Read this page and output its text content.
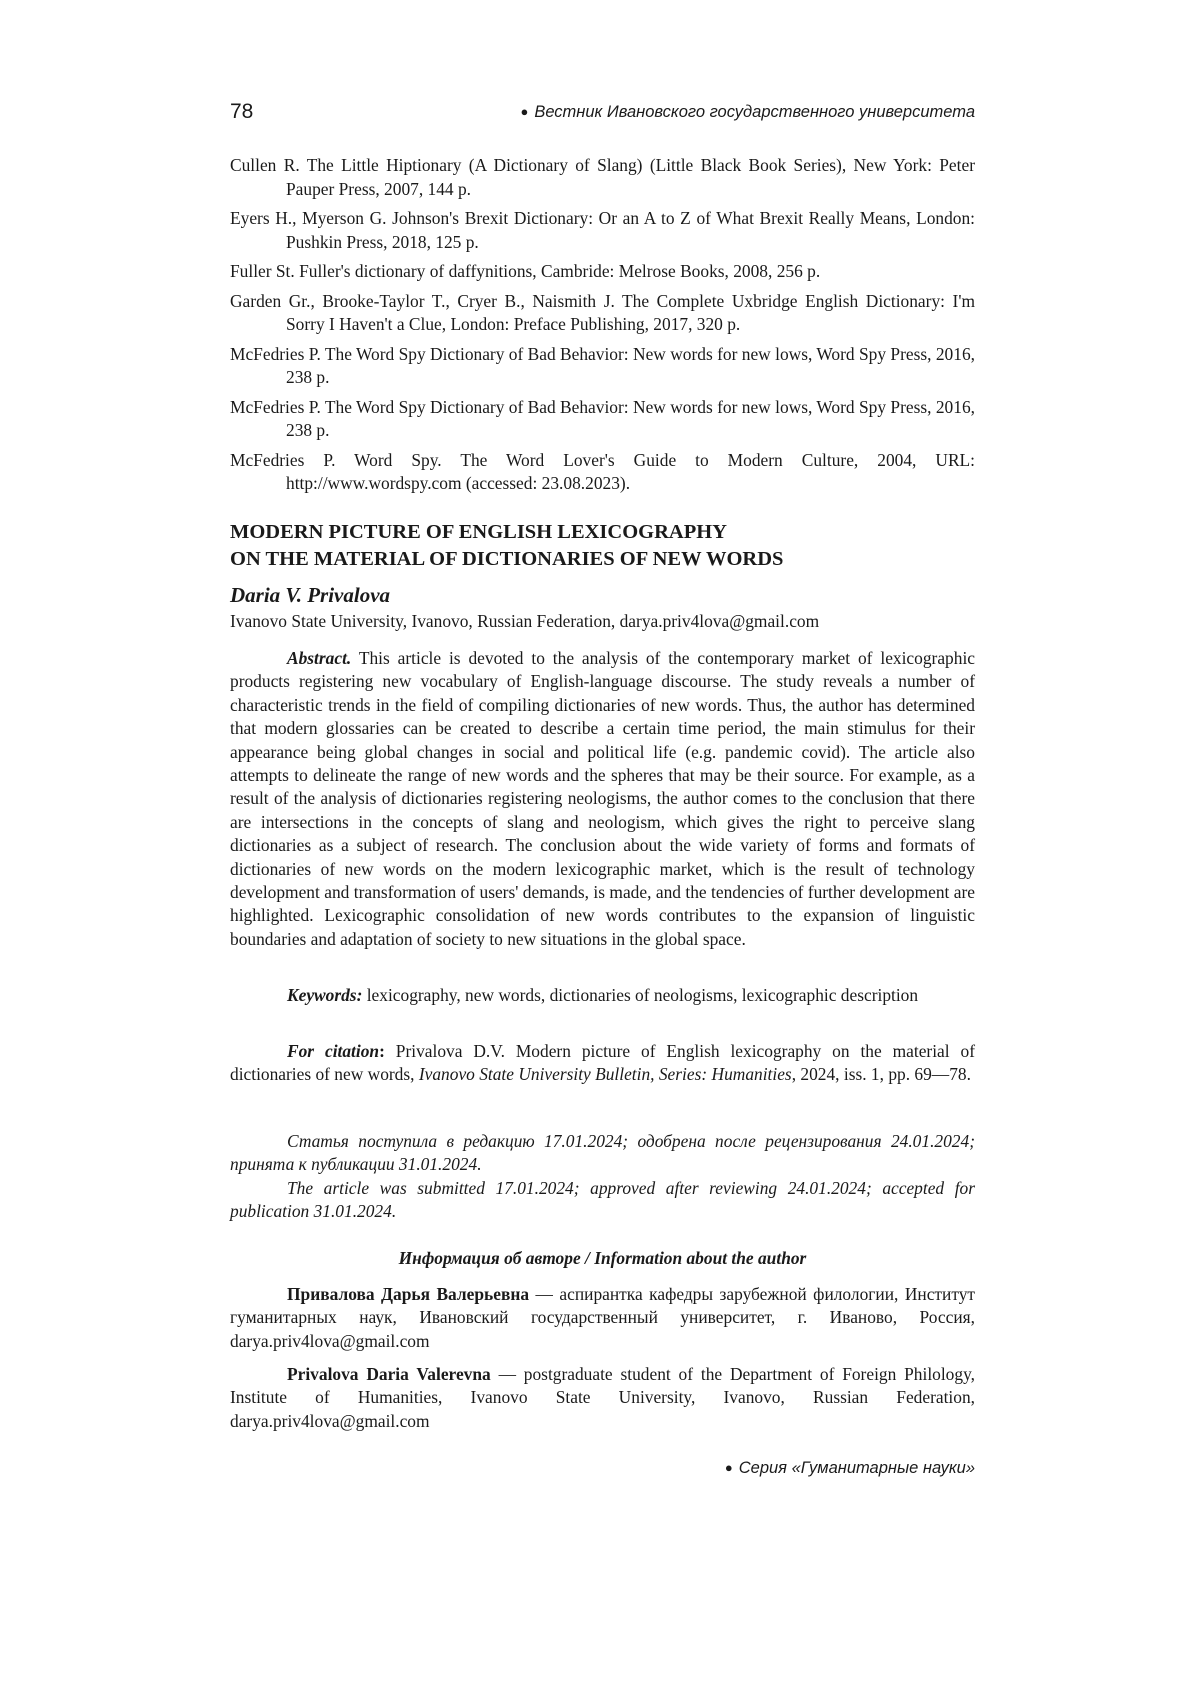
78	● Вестник Ивановского государственного университета
Cullen R. The Little Hiptionary (A Dictionary of Slang) (Little Black Book Series), New York: Peter Pauper Press, 2007, 144 p.
Eyers H., Myerson G. Johnson's Brexit Dictionary: Or an A to Z of What Brexit Really Means, London: Pushkin Press, 2018, 125 p.
Fuller St. Fuller's dictionary of daffynitions, Cambride: Melrose Books, 2008, 256 p.
Garden Gr., Brooke-Taylor T., Cryer B., Naismith J. The Complete Uxbridge English Dictionary: I'm Sorry I Haven't a Clue, London: Preface Publishing, 2017, 320 p.
McFedries P. The Word Spy Dictionary of Bad Behavior: New words for new lows, Word Spy Press, 2016, 238 p.
McFedries P. The Word Spy Dictionary of Bad Behavior: New words for new lows, Word Spy Press, 2016, 238 p.
McFedries P. Word Spy. The Word Lover's Guide to Modern Culture, 2004, URL: http://www.wordspy.com (accessed: 23.08.2023).
MODERN PICTURE OF ENGLISH LEXICOGRAPHY
ON THE MATERIAL OF DICTIONARIES OF NEW WORDS
Daria V. Privalova

Ivanovo State University, Ivanovo, Russian Federation, darya.priv4lova@gmail.com

Abstract. This article is devoted to the analysis of the contemporary market of lexicographic products registering new vocabulary of English-language discourse. The study reveals a number of characteristic trends in the field of compiling dictionaries of new words. Thus, the author has determined that modern glossaries can be created to describe a certain time period, the main stimulus for their appearance being global changes in social and political life (e.g. pandemic covid). The article also attempts to delineate the range of new words and the spheres that may be their source. For example, as a result of the analysis of dictionaries registering neologisms, the author comes to the conclusion that there are intersections in the concepts of slang and neologism, which gives the right to perceive slang dictionaries as a subject of research. The conclusion about the wide variety of forms and formats of dictionaries of new words on the modern lexicographic market, which is the result of technology development and transformation of users' demands, is made, and the tendencies of further development are highlighted. Lexicographic consolidation of new words contributes to the expansion of linguistic boundaries and adaptation of society to new situations in the global space.

Keywords: lexicography, new words, dictionaries of neologisms, lexicographic description

For citation: Privalova D.V. Modern picture of English lexicography on the material of dictionaries of new words, Ivanovo State University Bulletin, Series: Humanities, 2024, iss. 1, pp. 69—78.

Статья поступила в редакцию 17.01.2024; одобрена после рецензирования 24.01.2024; принята к публикации 31.01.2024.

The article was submitted 17.01.2024; approved after reviewing 24.01.2024; accepted for publication 31.01.2024.

Информация об авторе / Information about the author

Привалова Дарья Валерьевна — аспирантка кафедры зарубежной филологии, Институт гуманитарных наук, Ивановский государственный университет, г. Иваново, Россия, darya.priv4lova@gmail.com

Privalova Daria Valerevna — postgraduate student of the Department of Foreign Philology, Institute of Humanities, Ivanovo State University, Ivanovo, Russian Federation, darya.priv4lova@gmail.com

● Серия «Гуманитарные науки»
